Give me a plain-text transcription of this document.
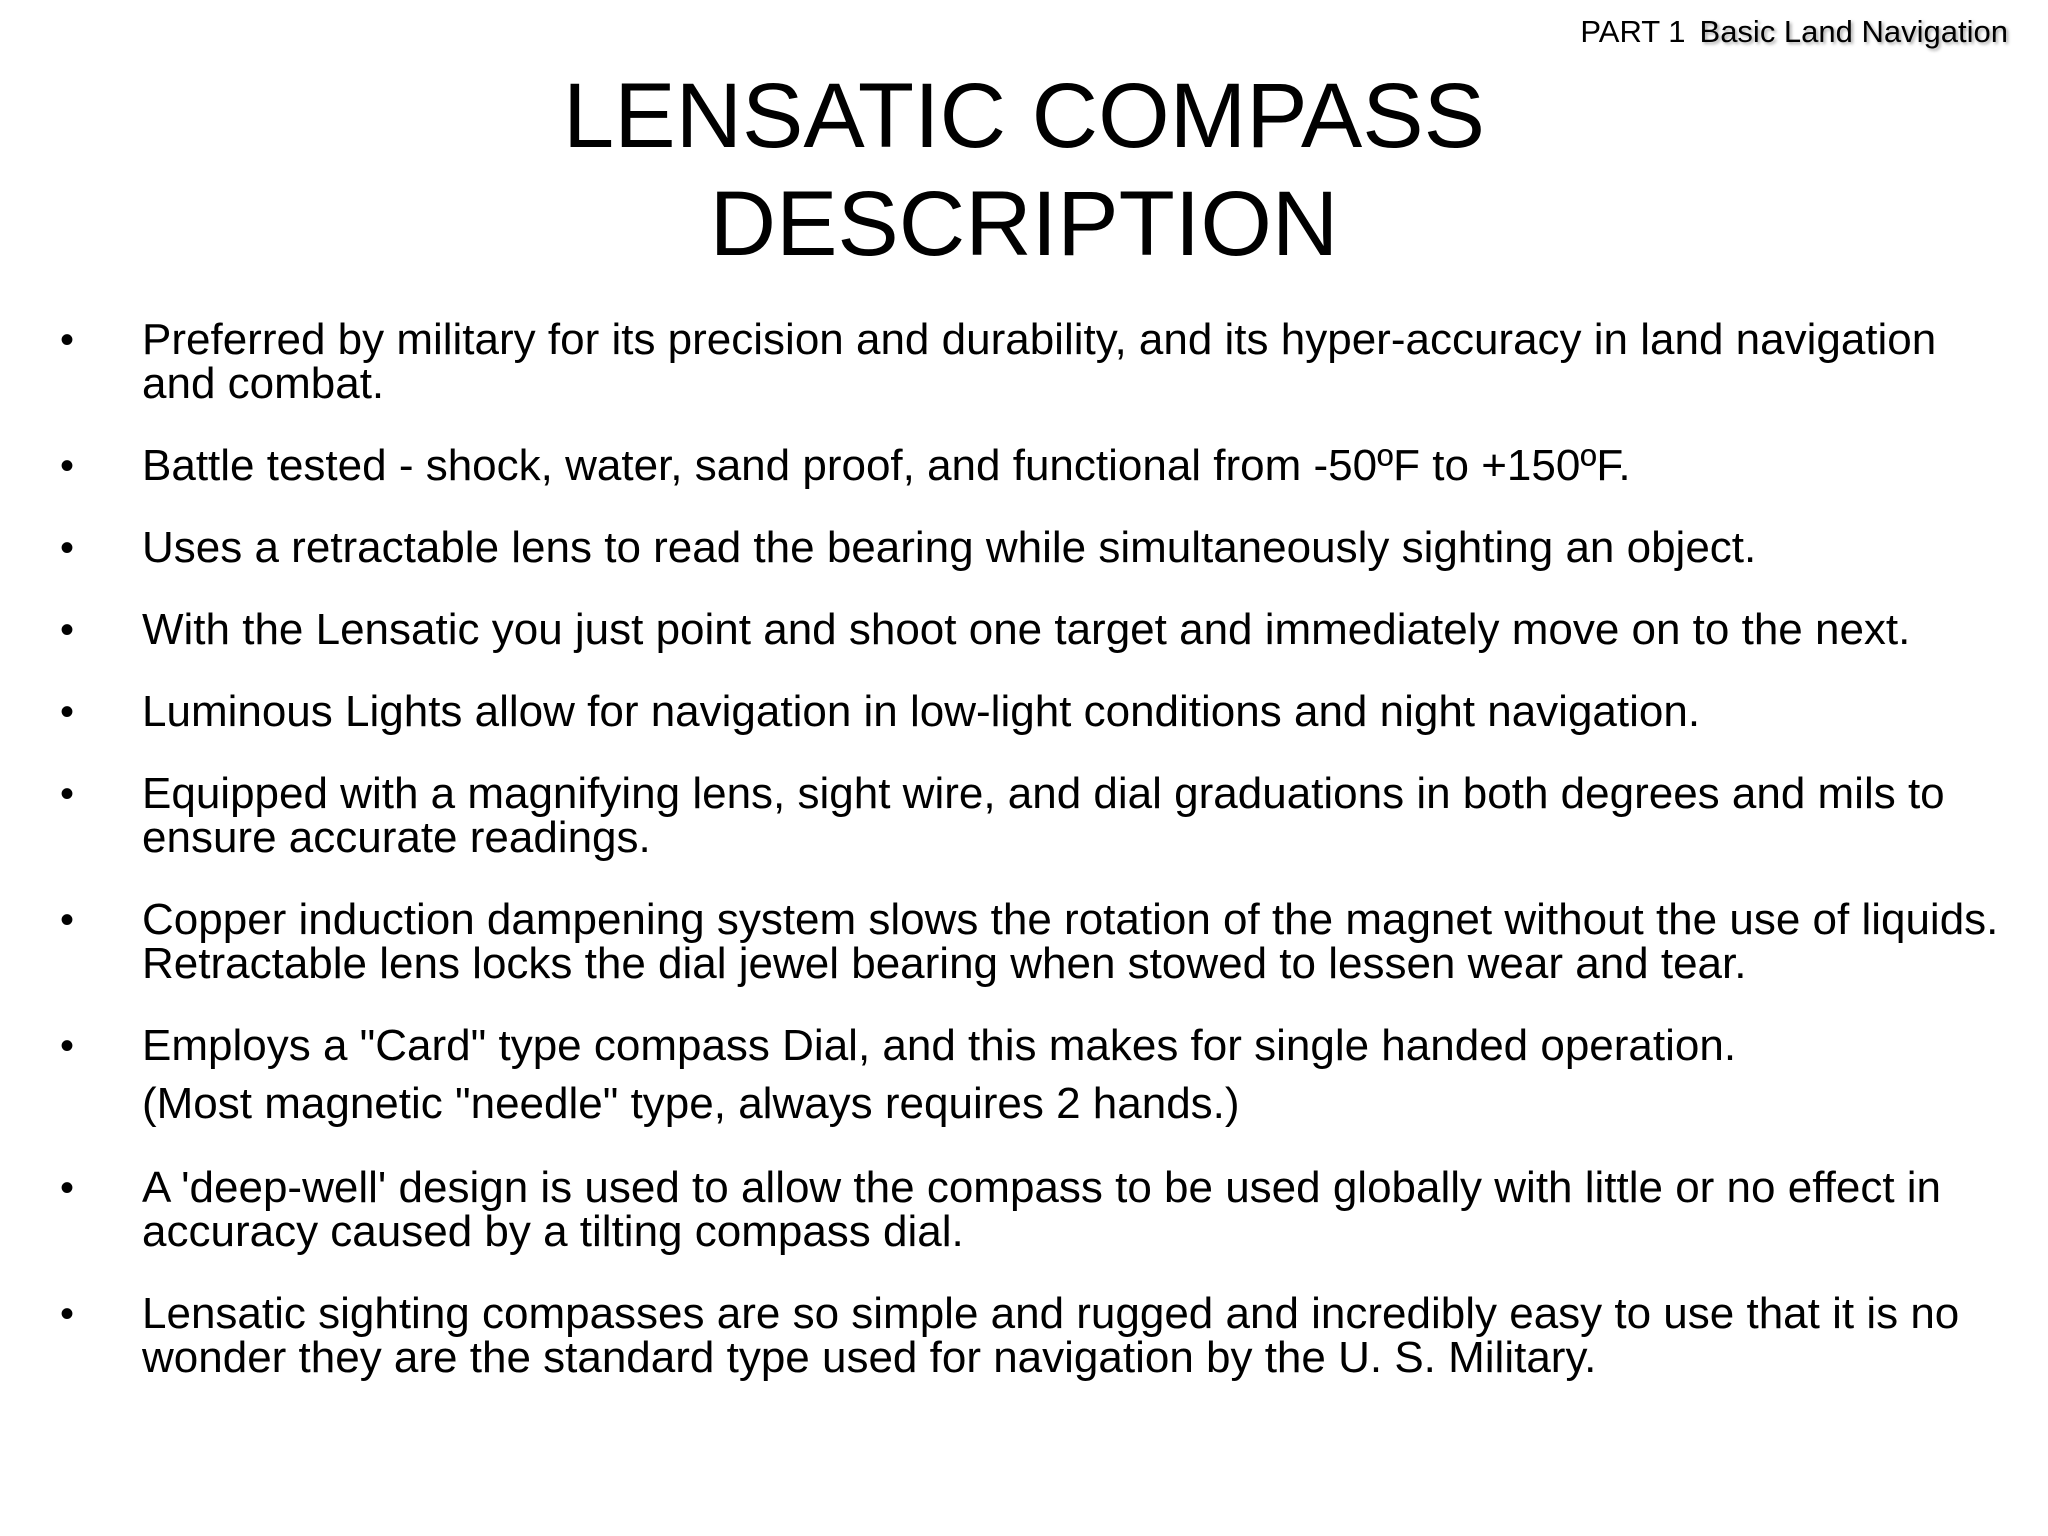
PART 1 Basic Land Navigation
LENSATIC COMPASS
DESCRIPTION
•	Preferred by military for its precision and durability, and its hyper-accuracy in land navigation and combat.
•	Battle tested - shock, water, sand proof, and functional from -50ºF to +150ºF.
•	Uses a retractable lens to read the bearing while simultaneously sighting an object.
•	With the Lensatic you just point and shoot one target and immediately move on to the next.
•	Luminous Lights allow for navigation in low-light conditions and night navigation.
•	Equipped with a magnifying lens, sight wire, and dial graduations in both degrees and mils to ensure accurate readings.
•	Copper induction dampening system slows the rotation of the magnet without the use of liquids. Retractable lens locks the dial jewel bearing when stowed to lessen wear and tear.
•	Employs a "Card" type compass Dial, and this makes for single handed operation.
(Most magnetic "needle" type, always requires 2 hands.)
•	A 'deep-well' design is used to allow the compass to be used globally with little or no effect in accuracy caused by a tilting compass dial.
•	Lensatic sighting compasses are so simple and rugged and incredibly easy to use that it is no wonder they are the standard type used for navigation by the U. S. Military.
